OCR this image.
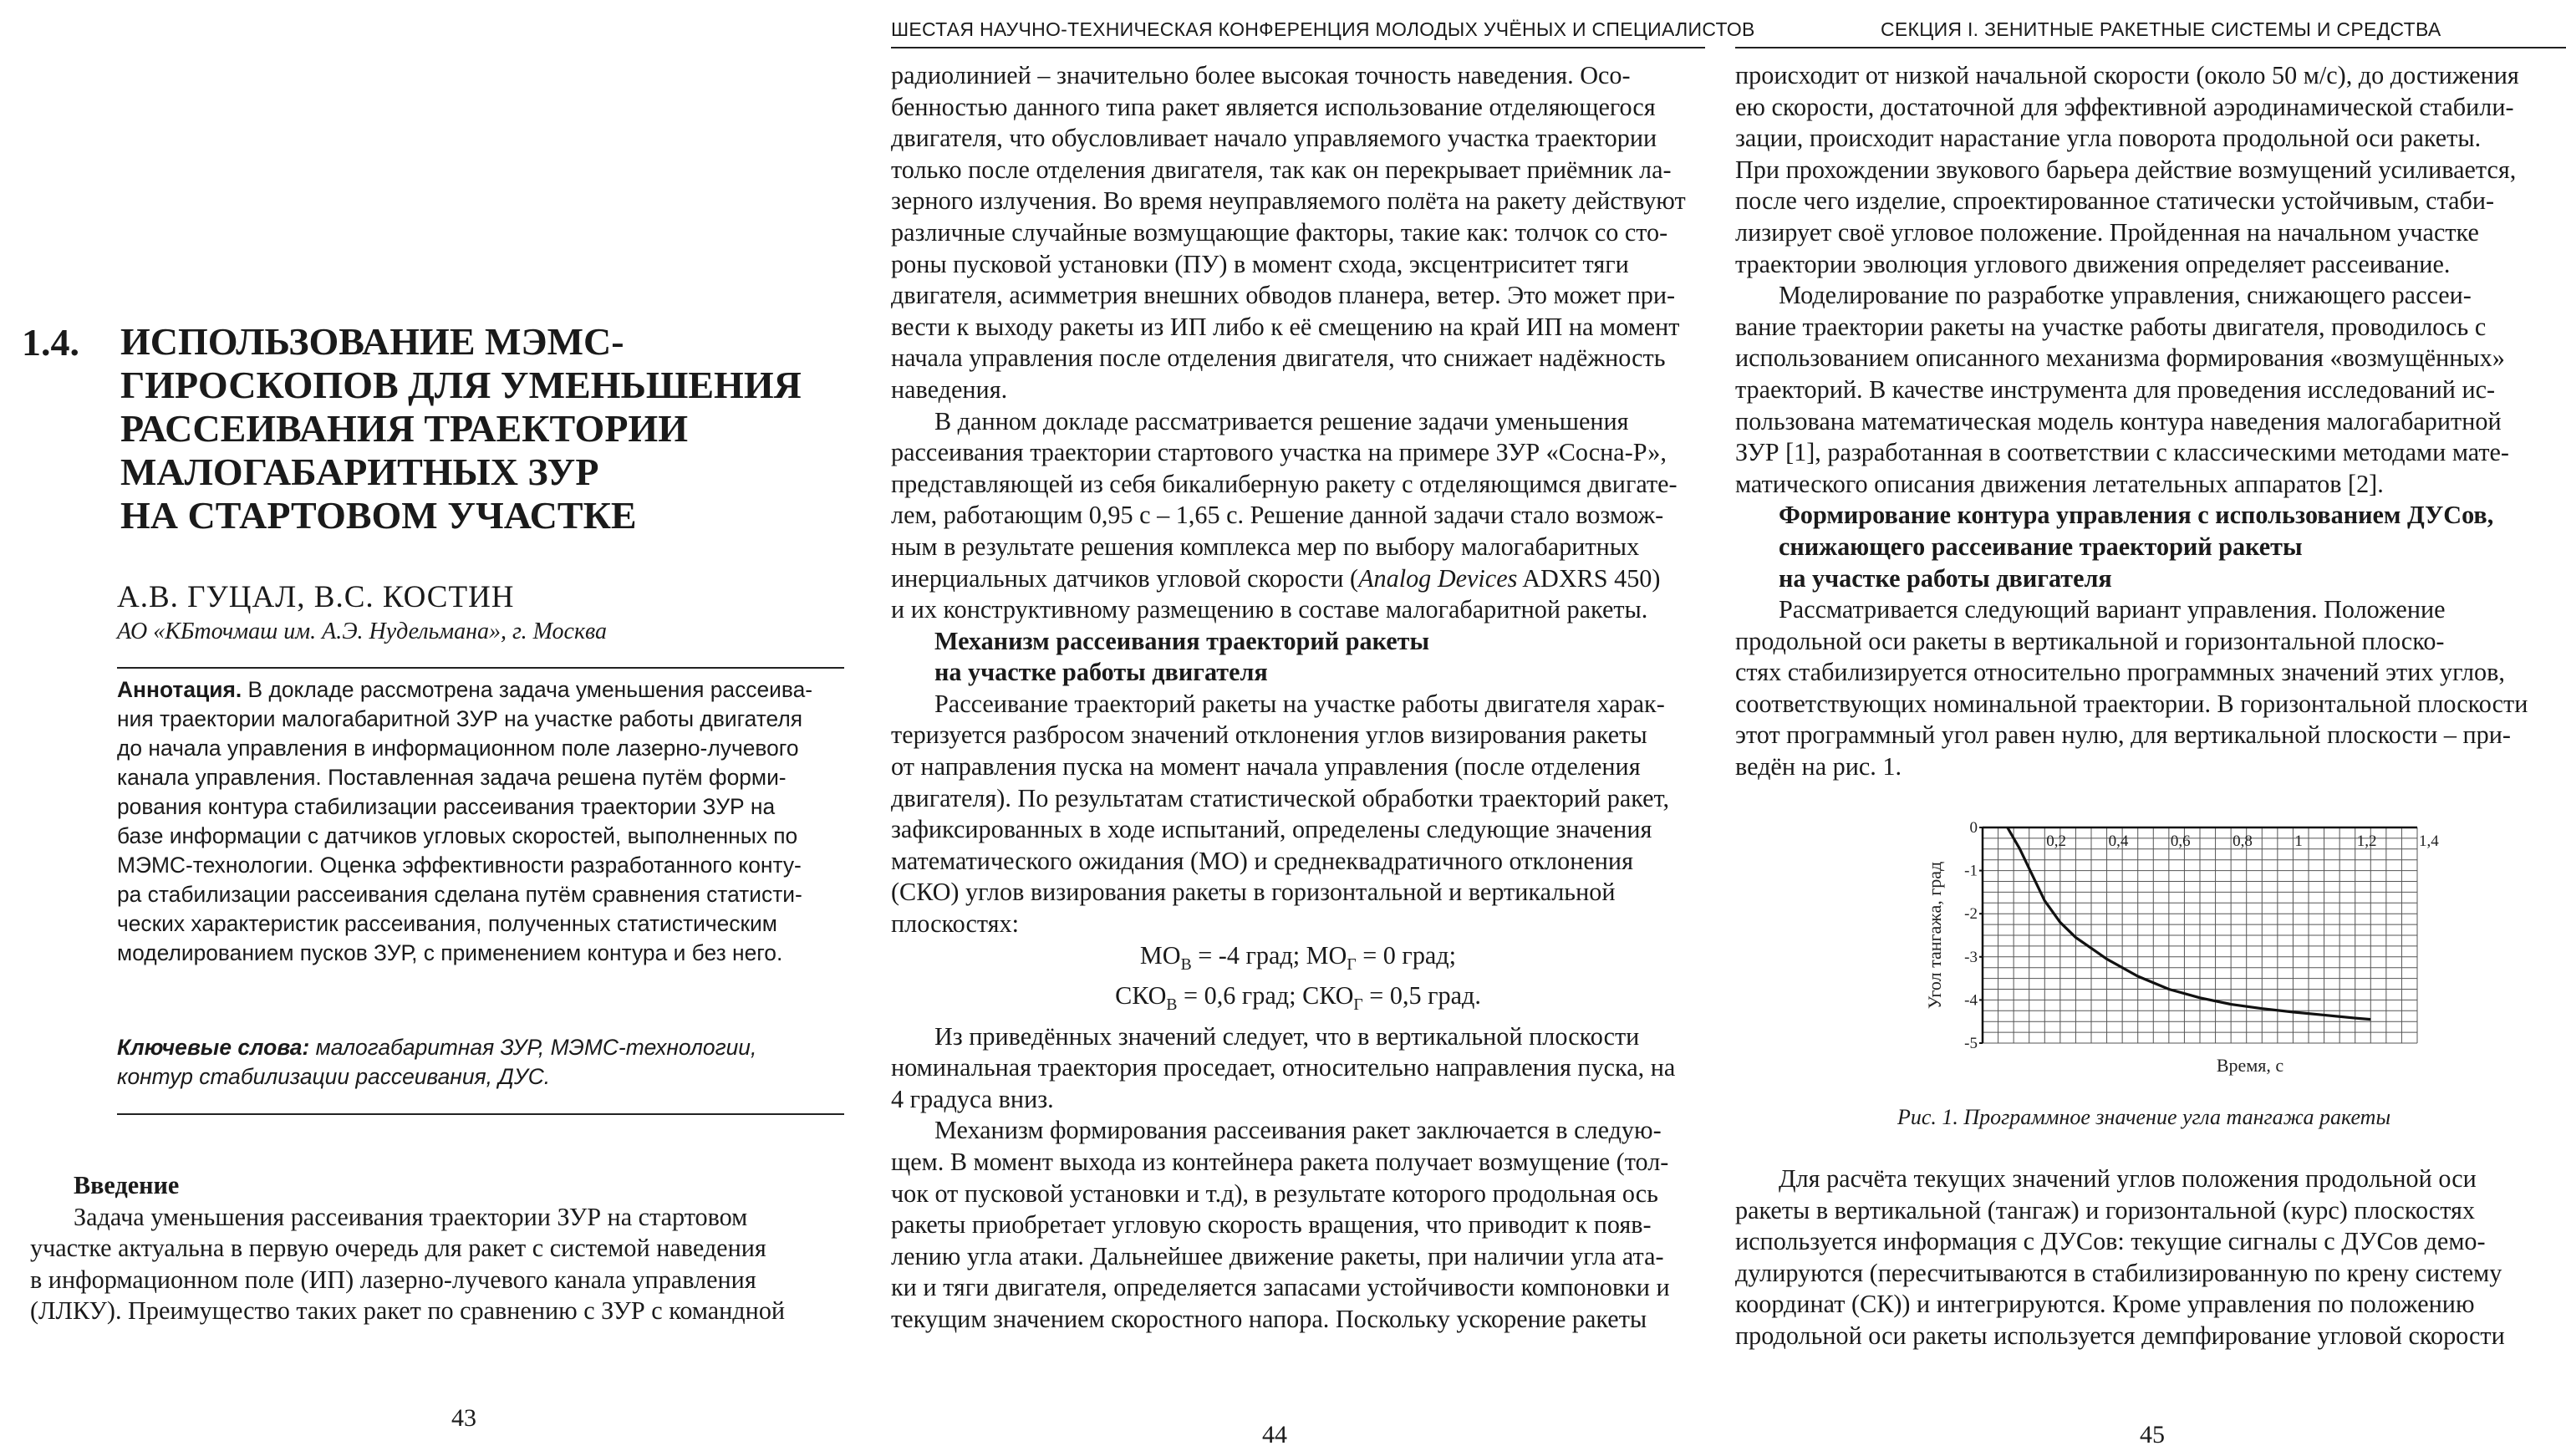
1.4. ИСПОЛЬЗОВАНИЕ МЭМС-
ГИРОСКОПОВ ДЛЯ УМЕНЬШЕНИЯ
РАССЕИВАНИЯ ТРАЕКТОРИИ
МАЛОГАБАРИТНЫХ ЗУР
НА СТАРТОВОМ УЧАСТКЕ
А.В. ГУЦАЛ, В.С. КОСТИН
АО «КБточмаш им. А.Э. Нудельмана», г. Москва
Аннотация. В докладе рассмотрена задача уменьшения рассеива-
ния траектории малогабаритной ЗУР на участке работы двигателя
до начала управления в информационном поле лазерно-лучевого
канала управления. Поставленная задача решена путём форми-
рования контура стабилизации рассеивания траектории ЗУР на
базе информации с датчиков угловых скоростей, выполненных по
МЭМС-технологии. Оценка эффективности разработанного конту-
ра стабилизации рассеивания сделана путём сравнения статисти-
ческих характеристик рассеивания, полученных статистическим
моделированием пусков ЗУР, с применением контура и без него.
Ключевые слова: малогабаритная ЗУР, МЭМС-технологии,
контур стабилизации рассеивания, ДУС.

Введение

Задача уменьшения рассеивания траектории ЗУР на стартовом

участке актуальна в первую очередь для ракет с системой наведения

в информационном поле (ИП) лазерно-лучевого канала управления

(ЛЛКУ). Преимущество таких ракет по сравнению с ЗУР с командной

43
ШЕСТАЯ НАУЧНО-ТЕХНИЧЕСКАЯ КОНФЕРЕНЦИЯ МОЛОДЫХ УЧЁНЫХ И СПЕЦИАЛИСТОВ

радиолинией – значительно более высокая точность наведения. Осо-

бенностью данного типа ракет является использование отделяющегося

двигателя, что обусловливает начало управляемого участка траектории

только после отделения двигателя, так как он перекрывает приёмник ла-

зерного излучения. Во время неуправляемого полёта на ракету действуют

различные случайные возмущающие факторы, такие как: толчок со сто-

роны пусковой установки (ПУ) в момент схода, эксцентриситет тяги

двигателя, асимметрия внешних обводов планера, ветер. Это может при-

вести к выходу ракеты из ИП либо к её смещению на край ИП на момент

начала управления после отделения двигателя, что снижает надёжность

наведения.

В данном докладе рассматривается решение задачи уменьшения

рассеивания траектории стартового участка на примере ЗУР «Сосна-Р»,

представляющей из себя бикалиберную ракету с отделяющимся двигате-

лем, работающим 0,95 с – 1,65 с. Решение данной задачи стало возмож-

ным в результате решения комплекса мер по выбору малогабаритных

инерциальных датчиков угловой скорости (Analog Devices ADXRS 450)

и их конструктивному размещению в составе малогабаритной ракеты.

Механизм рассеивания траекторий ракеты

на участке работы двигателя

Рассеивание траекторий ракеты на участке работы двигателя харак-

теризуется разбросом значений отклонения углов визирования ракеты

от направления пуска на момент начала управления (после отделения

двигателя). По результатам статистической обработки траекторий ракет,

зафиксированных в ходе испытаний, определены следующие значения

математического ожидания (МО) и среднеквадратичного отклонения

(СКО) углов визирования ракеты в горизонтальной и вертикальной

плоскостях:

$МО_В = -4$ град; $МО_Г = 0$ град;

$СКО_В = 0,6$ град; $СКО_Г = 0,5$ град.

Из приведённых значений следует, что в вертикальной плоскости

номинальная траектория проседает, относительно направления пуска, на

4 градуса вниз.

Механизм формирования рассеивания ракет заключается в следую-

щем. В момент выхода из контейнера ракета получает возмущение (тол-

чок от пусковой установки и т.д), в результате которого продольная ось

ракеты приобретает угловую скорость вращения, что приводит к появ-

лению угла атаки. Дальнейшее движение ракеты, при наличии угла ата-

ки и тяги двигателя, определяется запасами устойчивости компоновки и

текущим значением скоростного напора. Поскольку ускорение ракеты

44
СЕКЦИЯ I. ЗЕНИТНЫЕ РАКЕТНЫЕ СИСТЕМЫ И СРЕДСТВА

происходит от низкой начальной скорости (около 50 м/с), до достижения

ею скорости, достаточной для эффективной аэродинамической стабили-

зации, происходит нарастание угла поворота продольной оси ракеты.

При прохождении звукового барьера действие возмущений усиливается,

после чего изделие, спроектированное статически устойчивым, стаби-

лизирует своё угловое положение. Пройденная на начальном участке

траектории эволюция углового движения определяет рассеивание.

Моделирование по разработке управления, снижающего рассеи-

вание траектории ракеты на участке работы двигателя, проводилось с

использованием описанного механизма формирования «возмущённых»

траекторий. В качестве инструмента для проведения исследований ис-

пользована математическая модель контура наведения малогабаритной

ЗУР [1], разработанная в соответствии с классическими методами мате-

матического описания движения летательных аппаратов [2].

Формирование контура управления с использованием ДУСов,

снижающего рассеивание траекторий ракеты

на участке работы двигателя

Рассматривается следующий вариант управления. Положение

продольной оси ракеты в вертикальной и горизонтальной плоско-

стях стабилизируется относительно программных значений этих углов,

соответствующих номинальной траектории. В горизонтальной плоскости

этот программный угол равен нулю, для вертикальной плоскости – при-

ведён на рис. 1.

0,2	0,4	0,6	0,8	1	1,2	1,4
0
-1
-2
-3
-4
-5
Угол тангажа, град
Время, с
Рис. 1. Программное значение угла тангажа ракеты

Для расчёта текущих значений углов положения продольной оси

ракеты в вертикальной (тангаж) и горизонтальной (курс) плоскостях

используется информация с ДУСов: текущие сигналы с ДУСов демо-

дулируются (пересчитываются в стабилизированную по крену систему

координат (СК)) и интегрируются. Кроме управления по положению

продольной оси ракеты используется демпфирование угловой скорости

45
